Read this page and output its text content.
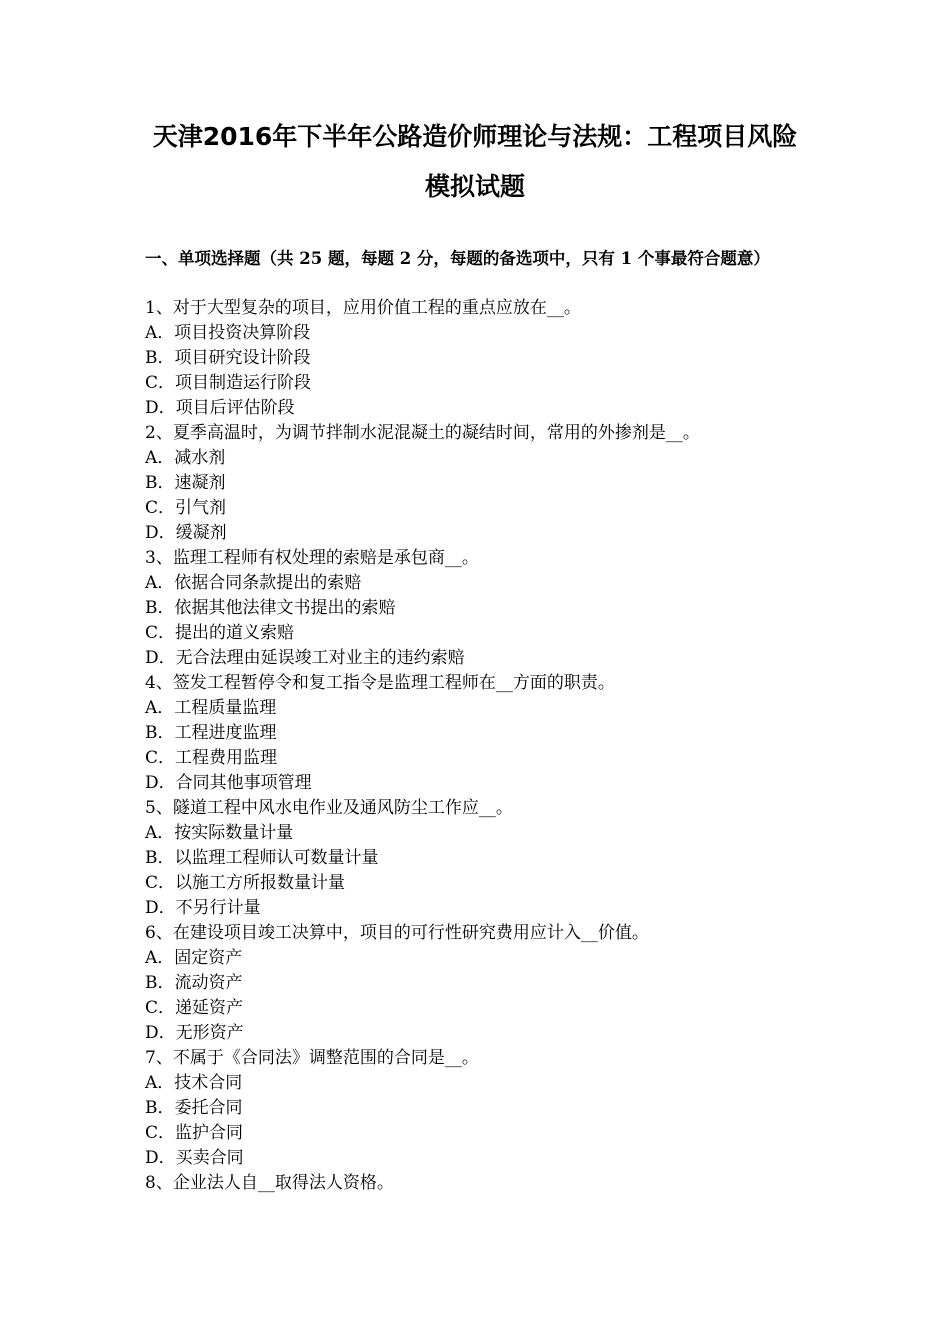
天津2016年下半年公路造价师理论与法规：工程项目风险
模拟试题
一、单项选择题（共 25 题，每题 2 分，每题的备选项中，只有 1 个事最符合题意）
1、对于大型复杂的项目，应用价值工程的重点应放在__。
A．项目投资决算阶段
B．项目研究设计阶段
C．项目制造运行阶段
D．项目后评估阶段
2、夏季高温时，为调节拌制水泥混凝土的凝结时间，常用的外掺剂是__。
A．减水剂
B．速凝剂
C．引气剂
D．缓凝剂
3、监理工程师有权处理的索赔是承包商__。
A．依据合同条款提出的索赔
B．依据其他法律文书提出的索赔
C．提出的道义索赔
D．无合法理由延误竣工对业主的违约索赔
4、签发工程暂停令和复工指令是监理工程师在__方面的职责。
A．工程质量监理
B．工程进度监理
C．工程费用监理
D．合同其他事项管理
5、隧道工程中风水电作业及通风防尘工作应__。
A．按实际数量计量
B．以监理工程师认可数量计量
C．以施工方所报数量计量
D．不另行计量
6、在建设项目竣工决算中，项目的可行性研究费用应计入__价值。
A．固定资产
B．流动资产
C．递延资产
D．无形资产
7、不属于《合同法》调整范围的合同是__。
A．技术合同
B．委托合同
C．监护合同
D．买卖合同
8、企业法人自__取得法人资格。
